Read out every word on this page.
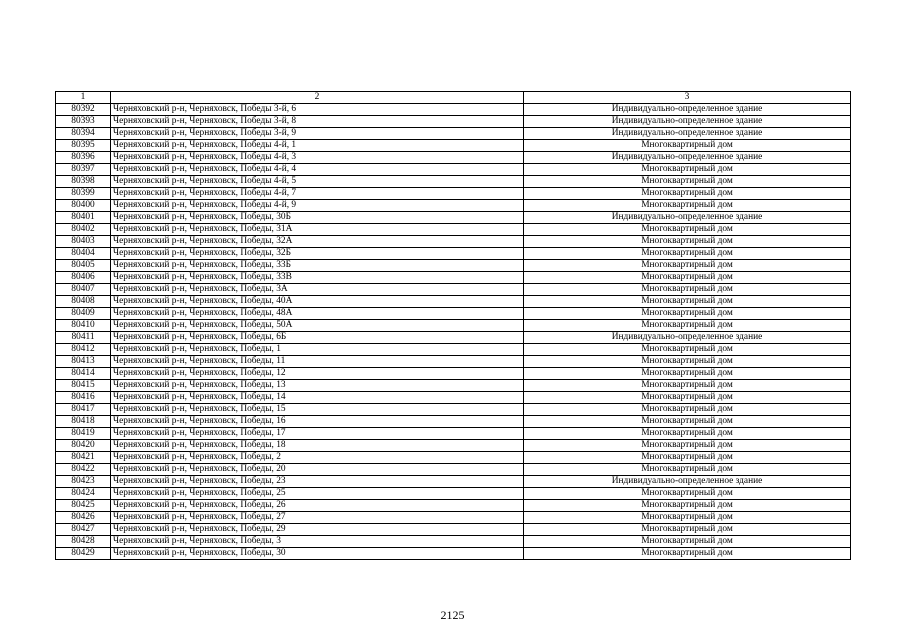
1	2	3
80392	Черняховский р-н, Черняховск, Победы 3-й, 6	Индивидуально-определенное здание
80393	Черняховский р-н, Черняховск, Победы 3-й, 8	Индивидуально-определенное здание
80394	Черняховский р-н, Черняховск, Победы 3-й, 9	Индивидуально-определенное здание
80395	Черняховский р-н, Черняховск, Победы 4-й, 1	Многоквартирный дом
80396	Черняховский р-н, Черняховск, Победы 4-й, 3	Индивидуально-определенное здание
80397	Черняховский р-н, Черняховск, Победы 4-й, 4	Многоквартирный дом
80398	Черняховский р-н, Черняховск, Победы 4-й, 5	Многоквартирный дом
80399	Черняховский р-н, Черняховск, Победы 4-й, 7	Многоквартирный дом
80400	Черняховский р-н, Черняховск, Победы 4-й, 9	Многоквартирный дом
80401	Черняховский р-н, Черняховск, Победы, 30Б	Индивидуально-определенное здание
80402	Черняховский р-н, Черняховск, Победы, 31А	Многоквартирный дом
80403	Черняховский р-н, Черняховск, Победы, 32А	Многоквартирный дом
80404	Черняховский р-н, Черняховск, Победы, 32Б	Многоквартирный дом
80405	Черняховский р-н, Черняховск, Победы, 33Б	Многоквартирный дом
80406	Черняховский р-н, Черняховск, Победы, 33В	Многоквартирный дом
80407	Черняховский р-н, Черняховск, Победы, 3А	Многоквартирный дом
80408	Черняховский р-н, Черняховск, Победы, 40А	Многоквартирный дом
80409	Черняховский р-н, Черняховск, Победы, 48А	Многоквартирный дом
80410	Черняховский р-н, Черняховск, Победы, 50А	Многоквартирный дом
80411	Черняховский р-н, Черняховск, Победы, 6Б	Индивидуально-определенное здание
80412	Черняховский р-н, Черняховск, Победы, 1	Многоквартирный дом
80413	Черняховский р-н, Черняховск, Победы, 11	Многоквартирный дом
80414	Черняховский р-н, Черняховск, Победы, 12	Многоквартирный дом
80415	Черняховский р-н, Черняховск, Победы, 13	Многоквартирный дом
80416	Черняховский р-н, Черняховск, Победы, 14	Многоквартирный дом
80417	Черняховский р-н, Черняховск, Победы, 15	Многоквартирный дом
80418	Черняховский р-н, Черняховск, Победы, 16	Многоквартирный дом
80419	Черняховский р-н, Черняховск, Победы, 17	Многоквартирный дом
80420	Черняховский р-н, Черняховск, Победы, 18	Многоквартирный дом
80421	Черняховский р-н, Черняховск, Победы, 2	Многоквартирный дом
80422	Черняховский р-н, Черняховск, Победы, 20	Многоквартирный дом
80423	Черняховский р-н, Черняховск, Победы, 23	Индивидуально-определенное здание
80424	Черняховский р-н, Черняховск, Победы, 25	Многоквартирный дом
80425	Черняховский р-н, Черняховск, Победы, 26	Многоквартирный дом
80426	Черняховский р-н, Черняховск, Победы, 27	Многоквартирный дом
80427	Черняховский р-н, Черняховск, Победы, 29	Многоквартирный дом
80428	Черняховский р-н, Черняховск, Победы, 3	Многоквартирный дом
80429	Черняховский р-н, Черняховск, Победы, 30	Многоквартирный дом
2125
